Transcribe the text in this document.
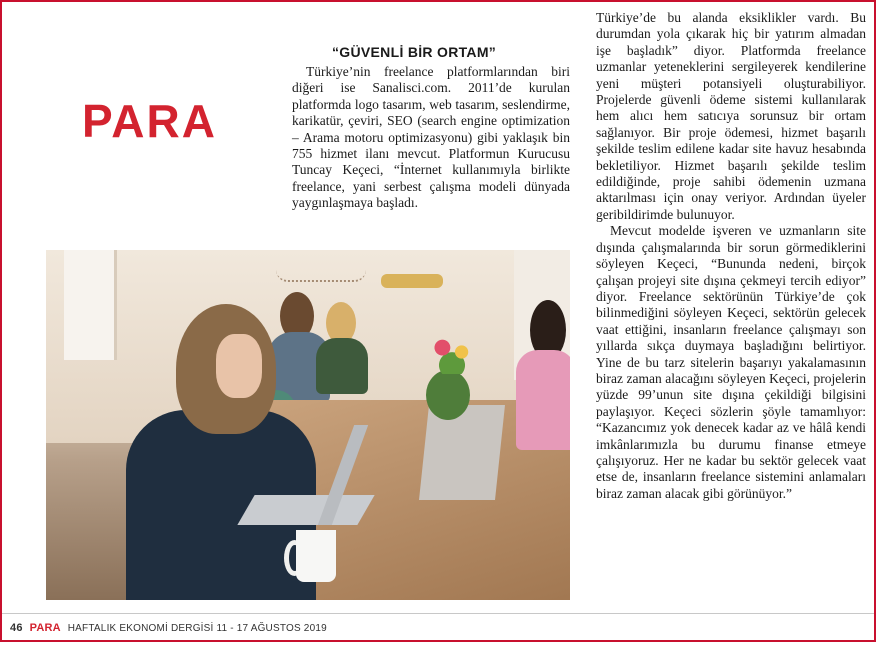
PARA
“GÜVENLİ BİR ORTAM”

Türkiye’nin freelance platformlarından biri diğeri ise Sanalisci.com. 2011’de kurulan platformda logo tasarım, web tasarım, seslendirme, karikatür, çeviri, SEO (search engine optimization – Arama motoru optimizasyonu) gibi yaklaşık bin 755 hizmet ilanı mevcut. Platformun Kurucusu Tuncay Keçeci, “İnternet kullanımıyla birlikte freelance, yani serbest çalışma modeli dünyada yaygınlaşmaya başladı.

Türkiye’de bu alanda eksiklikler vardı. Bu durumdan yola çıkarak hiç bir yatırım almadan işe başladık” diyor. Platformda freelance uzmanlar yeteneklerini sergileyerek kendilerine yeni müşteri potansiyeli oluşturabiliyor. Projelerde güvenli ödeme sistemi kullanılarak hem alıcı hem satıcıya sorunsuz bir ortam sağlanıyor. Bir proje ödemesi, hizmet başarılı şekilde teslim edilene kadar site havuz hesabında bekletiliyor. Hizmet başarılı şekilde teslim edildiğinde, proje sahibi ödemenin uzmana aktarılması için onay veriyor. Ardından üyeler geribildirimde bulunuyor.

Mevcut modelde işveren ve uzmanların site dışında çalışmalarında bir sorun görmediklerini söyleyen Keçeci, “Bununda nedeni, birçok çalışan projeyi site dışına çekmeyi tercih ediyor” diyor. Freelance sektörünün Türkiye’de çok bilinmediğini söyleyen Keçeci, sektörün gelecek vaat ettiğini, insanların freelance çalışmayı son yıllarda sıkça duymaya başladığını belirtiyor. Yine de bu tarz sitelerin başarıyı yakalamasının biraz zaman alacağını söyleyen Keçeci, projelerin yüzde 99’unun site dışına çekildiği bilgisini paylaşıyor. Keçeci sözlerin şöyle tamamlıyor: “Kazancımız yok denecek kadar az ve hâlâ kendi imkânlarımızla bu durumu finanse etmeye çalışıyoruz. Her ne kadar bu sektör gelecek vaat etse de, insanların freelance sistemini anlamaları biraz zaman alacak gibi görünüyor.”

46 PARA HAFTALIK EKONOMİ DERGİSİ 11 - 17 AĞUSTOS 2019
